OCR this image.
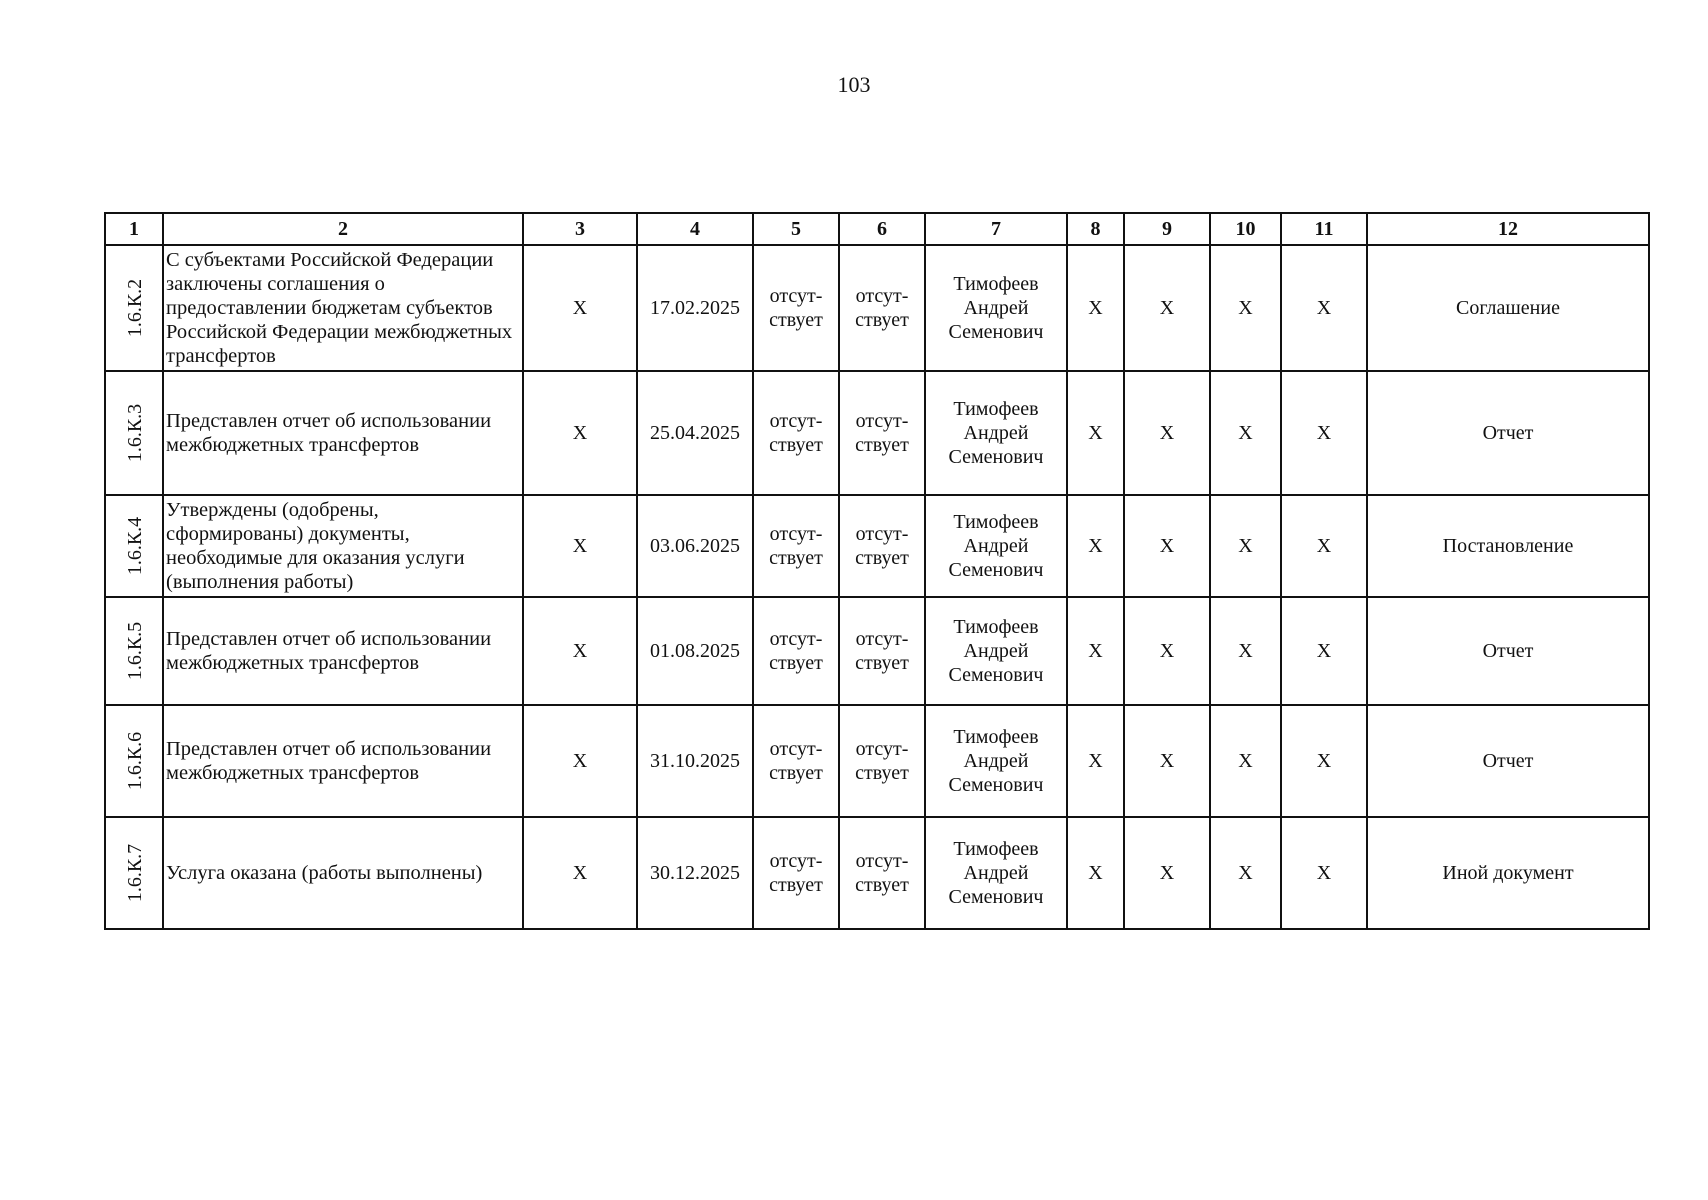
103
1	2	3	4	5	6	7	8	9	10	11	12
1.6.К.2	С субъектами Российской Федерации заключены соглашения о предоставлении бюджетам субъектов Российской Федерации межбюджетных трансфертов	X	17.02.2025	отсут-ствует	отсут-ствует	Тимофеев Андрей Семенович	X	X	X	X	Соглашение
1.6.К.3	Представлен отчет об использовании межбюджетных трансфертов	X	25.04.2025	отсут-ствует	отсут-ствует	Тимофеев Андрей Семенович	X	X	X	X	Отчет
1.6.К.4	Утверждены (одобрены, сформированы) документы, необходимые для оказания услуги (выполнения работы)	X	03.06.2025	отсут-ствует	отсут-ствует	Тимофеев Андрей Семенович	X	X	X	X	Постановление
1.6.К.5	Представлен отчет об использовании межбюджетных трансфертов	X	01.08.2025	отсут-ствует	отсут-ствует	Тимофеев Андрей Семенович	X	X	X	X	Отчет
1.6.К.6	Представлен отчет об использовании межбюджетных трансфертов	X	31.10.2025	отсут-ствует	отсут-ствует	Тимофеев Андрей Семенович	X	X	X	X	Отчет
1.6.К.7	Услуга оказана (работы выполнены)	X	30.12.2025	отсут-ствует	отсут-ствует	Тимофеев Андрей Семенович	X	X	X	X	Иной документ
